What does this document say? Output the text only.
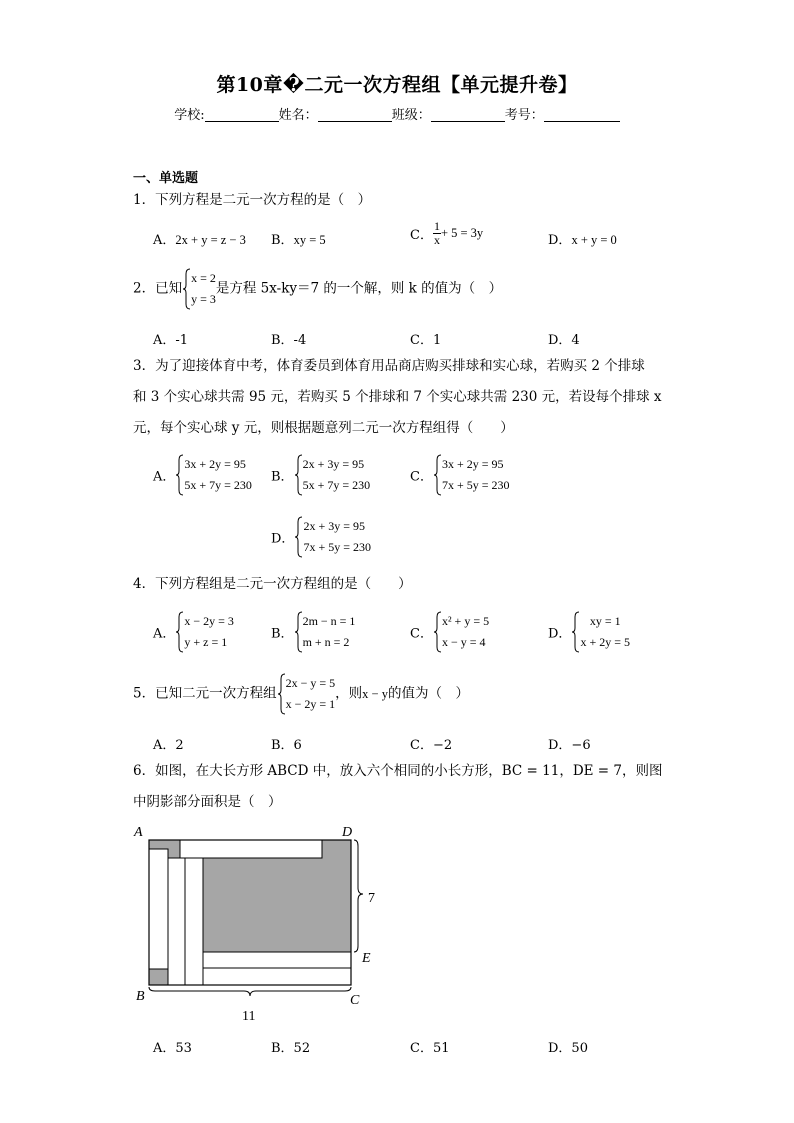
第10章�二元一次方程组【单元提升卷】
学校:	姓名：	班级：	考号：
一、单选题
1．下列方程是二元一次方程的是（　）
A．2x + y = z − 3 B．xy = 5	C． $\frac{1}{x} + 5 = 3y$	D．x + y = 0
2．已知
x = 2
y = 3
是方程 5x-ky＝7 的一个解，则 k 的值为（　）
A．-1	B．-4	C．1	D．4
3．为了迎接体育中考，体育委员到体育用品商店购买排球和实心球，若购买 2 个排球
和 3 个实心球共需 95 元，若购买 5 个排球和 7 个实心球共需 230 元，若设每个排球 x
元，每个实心球 y 元，则根据题意列二元一次方程组得（　　）
A．
3x + 2y = 95
5x + 7y = 230
B．
2x + 3y = 95
5x + 7y = 230
C．
3x + 2y = 95
7x + 5y = 230
D．
2x + 3y = 95
7x + 5y = 230
4．下列方程组是二元一次方程组的是（　　）
A．
x − 2y = 3
y + z = 1
B．
2m − n = 1
m + n = 2
C．
x² + y = 5
x − y = 4
D．
xy = 1
x + 2y = 5
5．已知二元一次方程组
2x − y = 5
x − 2y = 1
，则x − y的值为（　）
A．2	B．6	C．−2	D．−6
6．如图，在大长方形 ABCD 中，放入六个相同的小长方形，BC = 11，DE = 7，则图
中阴影部分面积是（　）
A	D
B	C
E
7
11
A．53	B．52	C．51	D．50
